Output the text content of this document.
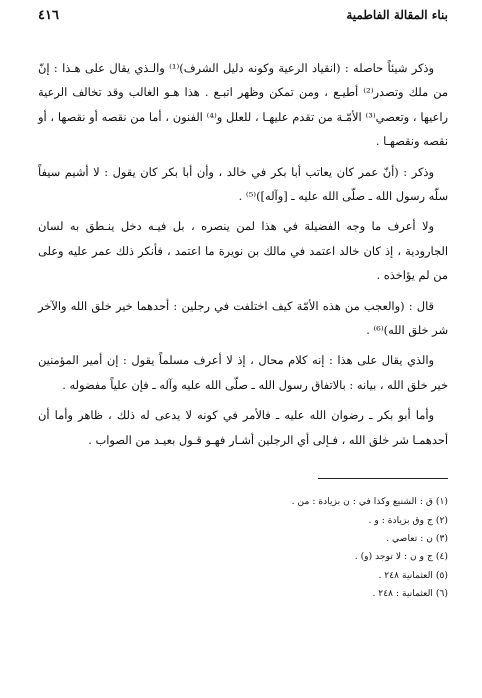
بناء المقالة الفاطمية
٤١٦

وذكر شيئاً حاصله : (انقياد الرعية وكونه دليل الشرف)⁽¹⁾ والـذي يقال على هـذا : إنّ من ملك وتصدر⁽²⁾ أطيـع ، ومن تمكن وظهر اتبـع . هذا هـو الغالب وقد تخالف الرعية راعيها ، وتعصي⁽³⁾ الأمّـة من تقدم عليهـا ، للعلل و⁽⁴⁾ الفنون ، أما من نقصه أو نقصها ، أو نقصه ونقصهـا .

وذكر : (أنّ عمر كان يعاتب أبا بكر في خالد ، وأن أبا بكر كان يقول : لا أشيم سيفاً سلّه رسول الله ـ صلّى الله عليه ـ [وآله])⁽⁵⁾ .

ولا أعرف ما وجه الفضيلة في هذا لمن ينصره ، بل فيـه دخل ينـطق به لسان الجارودية ، إذ كان خالد اعتمد في مالك بن نويرة ما اعتمد ، فأنكر ذلك عمر عليه وعلى من لم يؤاخذه .

قال : (والعجب من هذه الأمّة كيف اختلفت في رجلين : أحدهما خير خلق الله والآخر شر خلق الله)⁽⁶⁾ .

والذي يقال على هذا : إنه كلام محال ، إذ لا أعرف مسلماً يقول : إن أمير المؤمنين خير خلق الله ، بيانه : بالاتفاق رسول الله ـ صلّى الله عليه وآله ـ فإن علياً مفضوله .

وأما أبو بكر ـ رضوان الله عليه ـ فالأمر في كونه لا يدعى له ذلك ، ظاهر وأما أن أحدهمـا شر خلق الله ، فـإلى أي الرجلين أشـار فهـو قـول بعيـد من الصواب .

(١) ق : الشنيع وكذا في : ن بزيادة : من .
(٢) ج وق بزيادة : و .
(٣) ن : تعاصي .
(٤) ج و ن : لا توجد (و) .
(٥) العثمانية ٢٤٨ .
(٦) العثمانية : ٢٤٨ .
